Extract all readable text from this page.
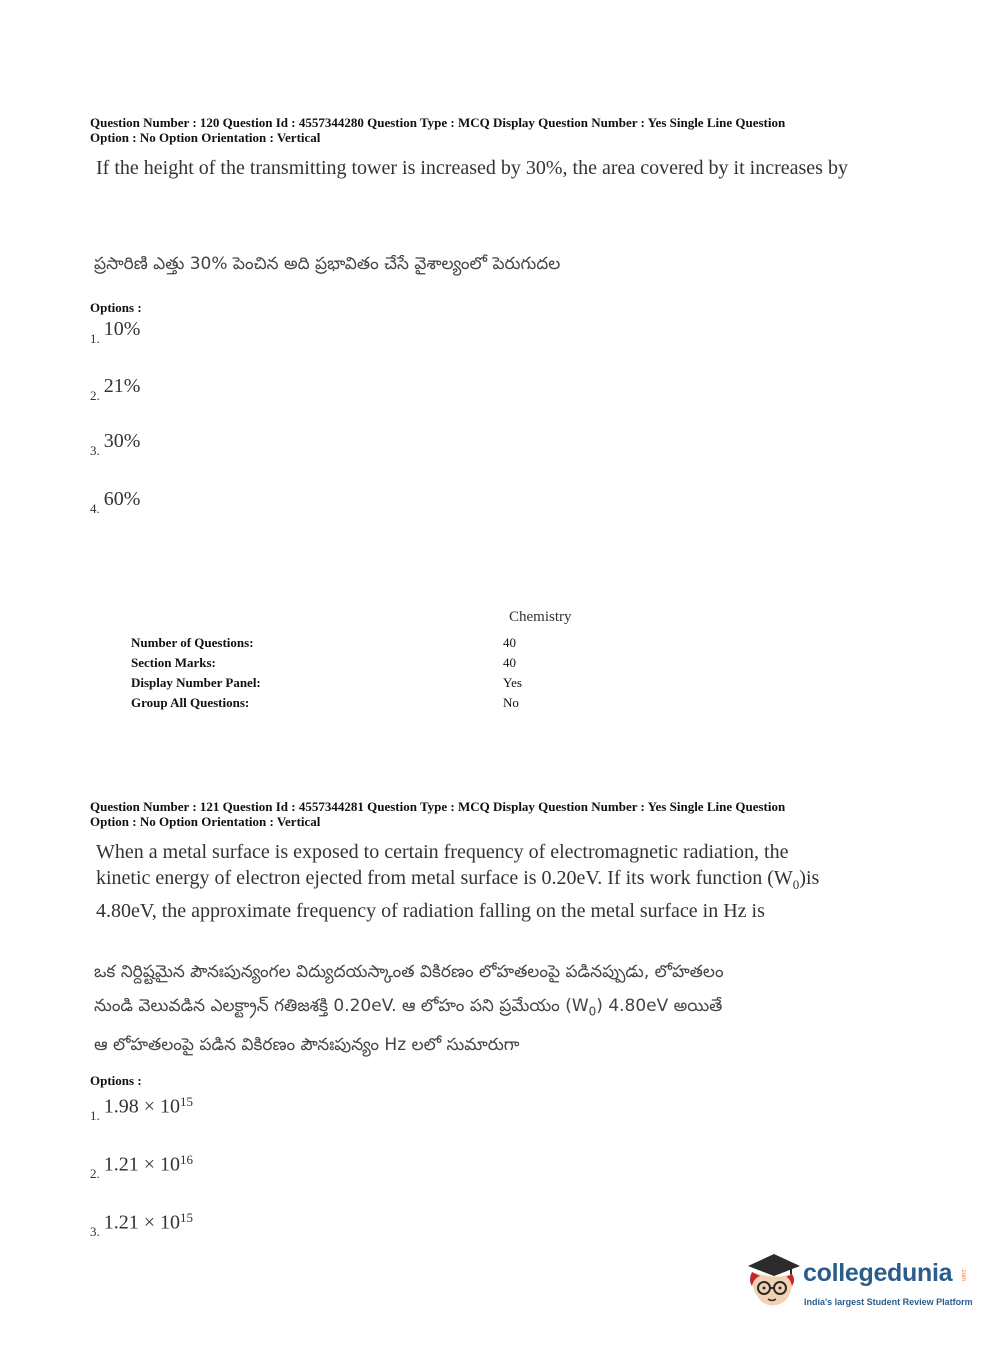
Question Number : 120 Question Id : 4557344280 Question Type : MCQ Display Question Number : Yes Single Line Question
Option : No Option Orientation : Vertical
If the height of the transmitting tower is increased by 30%, the area covered by it increases by
ప్రసారిణి ఎత్తు 30% పెంచిన అది ప్రభావితం చేసే వైశాల్యంలో పెరుగుదల
Options :
$_{1.}$ 10%
$_{2.}$ 21%
$_{3.}$ 30%
$_{4.}$ 60%
Chemistry
Number of Questions:	40
Section Marks:	40
Display Number Panel:	Yes
Group All Questions:	No
Question Number : 121 Question Id : 4557344281 Question Type : MCQ Display Question Number : Yes Single Line Question
Option : No Option Orientation : Vertical
When a metal surface is exposed to certain frequency of electromagnetic radiation, the
kinetic energy of electron ejected from metal surface is 0.20eV. If its work function $(W_0)is$
4.80eV, the approximate frequency of radiation falling on the metal surface in Hz is
ఒక నిర్దిష్టమైన పౌనఃపున్యంగల విద్యుదయస్కాంత వికిరణం లోహతలంపై పడినప్పుడు, లోహతలం
నుండి వెలువడిన ఎలక్ట్రాన్ గతిజశక్తి 0.20eV. ఆ లోహం పని ప్రమేయం $(W_0)$ 4.80eV అయితే
ఆ లోహతలంపై పడిన వికిరణం పౌనఃపున్యం Hz లలో సుమారుగా
Options :
$_{1.}$ $1.98 \times 10^{15}$
$_{2.}$ $1.21 \times 10^{16}$
$_{3.}$ $1.21 \times 10^{15}$
collegedunia .com
India's largest Student Review Platform
